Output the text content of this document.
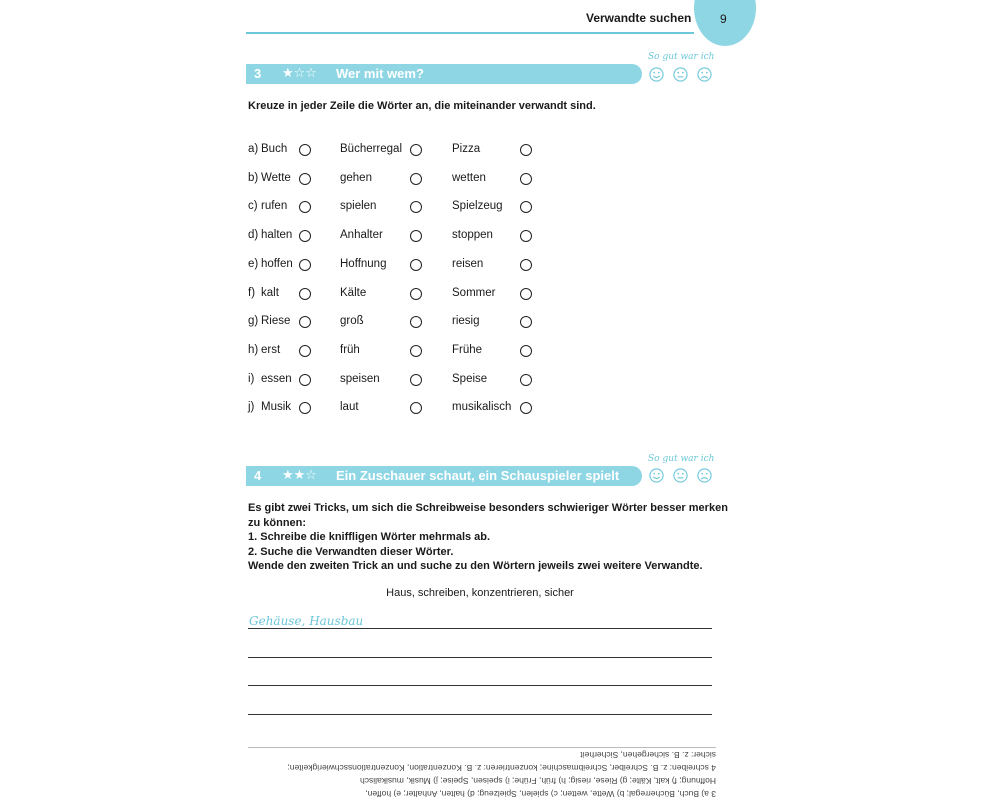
Verwandte suchen 9
So gut war ich
3 ★☆☆ Wer mit wem?
Kreuze in jeder Zeile die Wörter an, die miteinander verwandt sind.
a) Buch	Bücherregal	Pizza
b) Wette	gehen	wetten
c) rufen	spielen	Spielzeug
d) halten	Anhalter	stoppen
e) hoffen	Hoffnung	reisen
f) kalt	Kälte	Sommer
g) Riese	groß	riesig
h) erst	früh	Frühe
i) essen	speisen	Speise
j) Musik	laut	musikalisch
So gut war ich
4 ★★☆ Ein Zuschauer schaut, ein Schauspieler spielt
Es gibt zwei Tricks, um sich die Schreibweise besonders schwieriger Wörter besser merken
zu können:
1. Schreibe die kniffligen Wörter mehrmals ab.
2. Suche die Verwandten dieser Wörter.
Wende den zweiten Trick an und suche zu den Wörtern jeweils zwei weitere Verwandte.
Haus, schreiben, konzentrieren, sicher
Gehäuse, Hausbau

3 a) Buch, Bücherregal; b) Wette, wetten; c) spielen, Spielzeug; d) halten, Anhalter; e) hoffen,

Hoffnung; f) kalt, Kälte; g) Riese, riesig; h) früh, Frühe; i) speisen, Speise; j) Musik, musikalisch

4 schreiben: z. B. Schreiber, Schreibmaschine; konzentrieren: z. B. Konzentration, Konzentrationsschwierigkeiten;

sicher: z. B. sichergehen, Sicherheit
